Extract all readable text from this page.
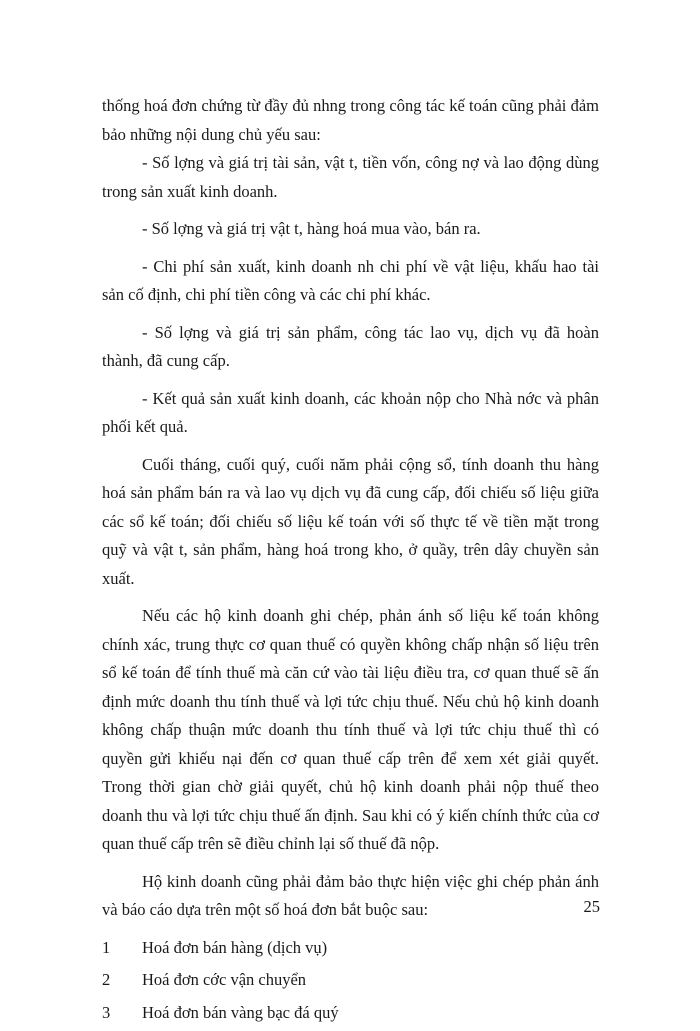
thống hoá đơn chứng từ đầy đủ nhng trong công tác kế toán cũng phải đảm bảo những nội dung chủ yếu sau:

- Số lợng và giá trị tài sản, vật t, tiền vốn, công nợ và lao động dùng trong sản xuất kinh doanh.

- Số lợng và giá trị vật t, hàng hoá mua vào, bán ra.

- Chi phí sản xuất, kinh doanh nh chi phí về vật liệu, khấu hao tài sản cố định, chi phí tiền công và các chi phí khác.

- Số lợng và giá trị sản phẩm, công tác lao vụ, dịch vụ đã hoàn thành, đã cung cấp.

- Kết quả sản xuất kinh doanh, các khoản nộp cho Nhà nớc và phân phối kết quả.

Cuối tháng, cuối quý, cuối năm phải cộng sổ, tính doanh thu hàng hoá sản phẩm bán ra và lao vụ dịch vụ đã cung cấp, đối chiếu số liệu giữa các sổ kế toán; đối chiếu số liệu kế toán với số thực tế về tiền mặt trong quỹ và vật t, sản phẩm, hàng hoá trong kho, ở quầy, trên dây chuyền sản xuất.

Nếu các hộ kinh doanh ghi chép, phản ánh số liệu kế toán không chính xác, trung thực cơ quan thuế có quyền không chấp nhận số liệu trên sổ kế toán để tính thuế mà căn cứ vào tài liệu điều tra, cơ quan thuế sẽ ấn định mức doanh thu tính thuế và lợi tức chịu thuế. Nếu chủ hộ kinh doanh không chấp thuận mức doanh thu tính thuế và lợi tức chịu thuế thì có quyền gửi khiếu nại đến cơ quan thuế cấp trên để xem xét giải quyết. Trong thời gian chờ giải quyết, chủ hộ kinh doanh phải nộp thuế theo doanh thu và lợi tức chịu thuế ấn định. Sau khi có ý kiến chính thức của cơ quan thuế cấp trên sẽ điều chỉnh lại số thuế đã nộp.

Hộ kinh doanh cũng phải đảm bảo thực hiện việc ghi chép phản ánh và báo cáo dựa trên một số hoá đơn bắt buộc sau:

1	Hoá đơn bán hàng (dịch vụ)
2	Hoá đơn cớc vận chuyển
3	Hoá đơn bán vàng bạc đá quý
25
